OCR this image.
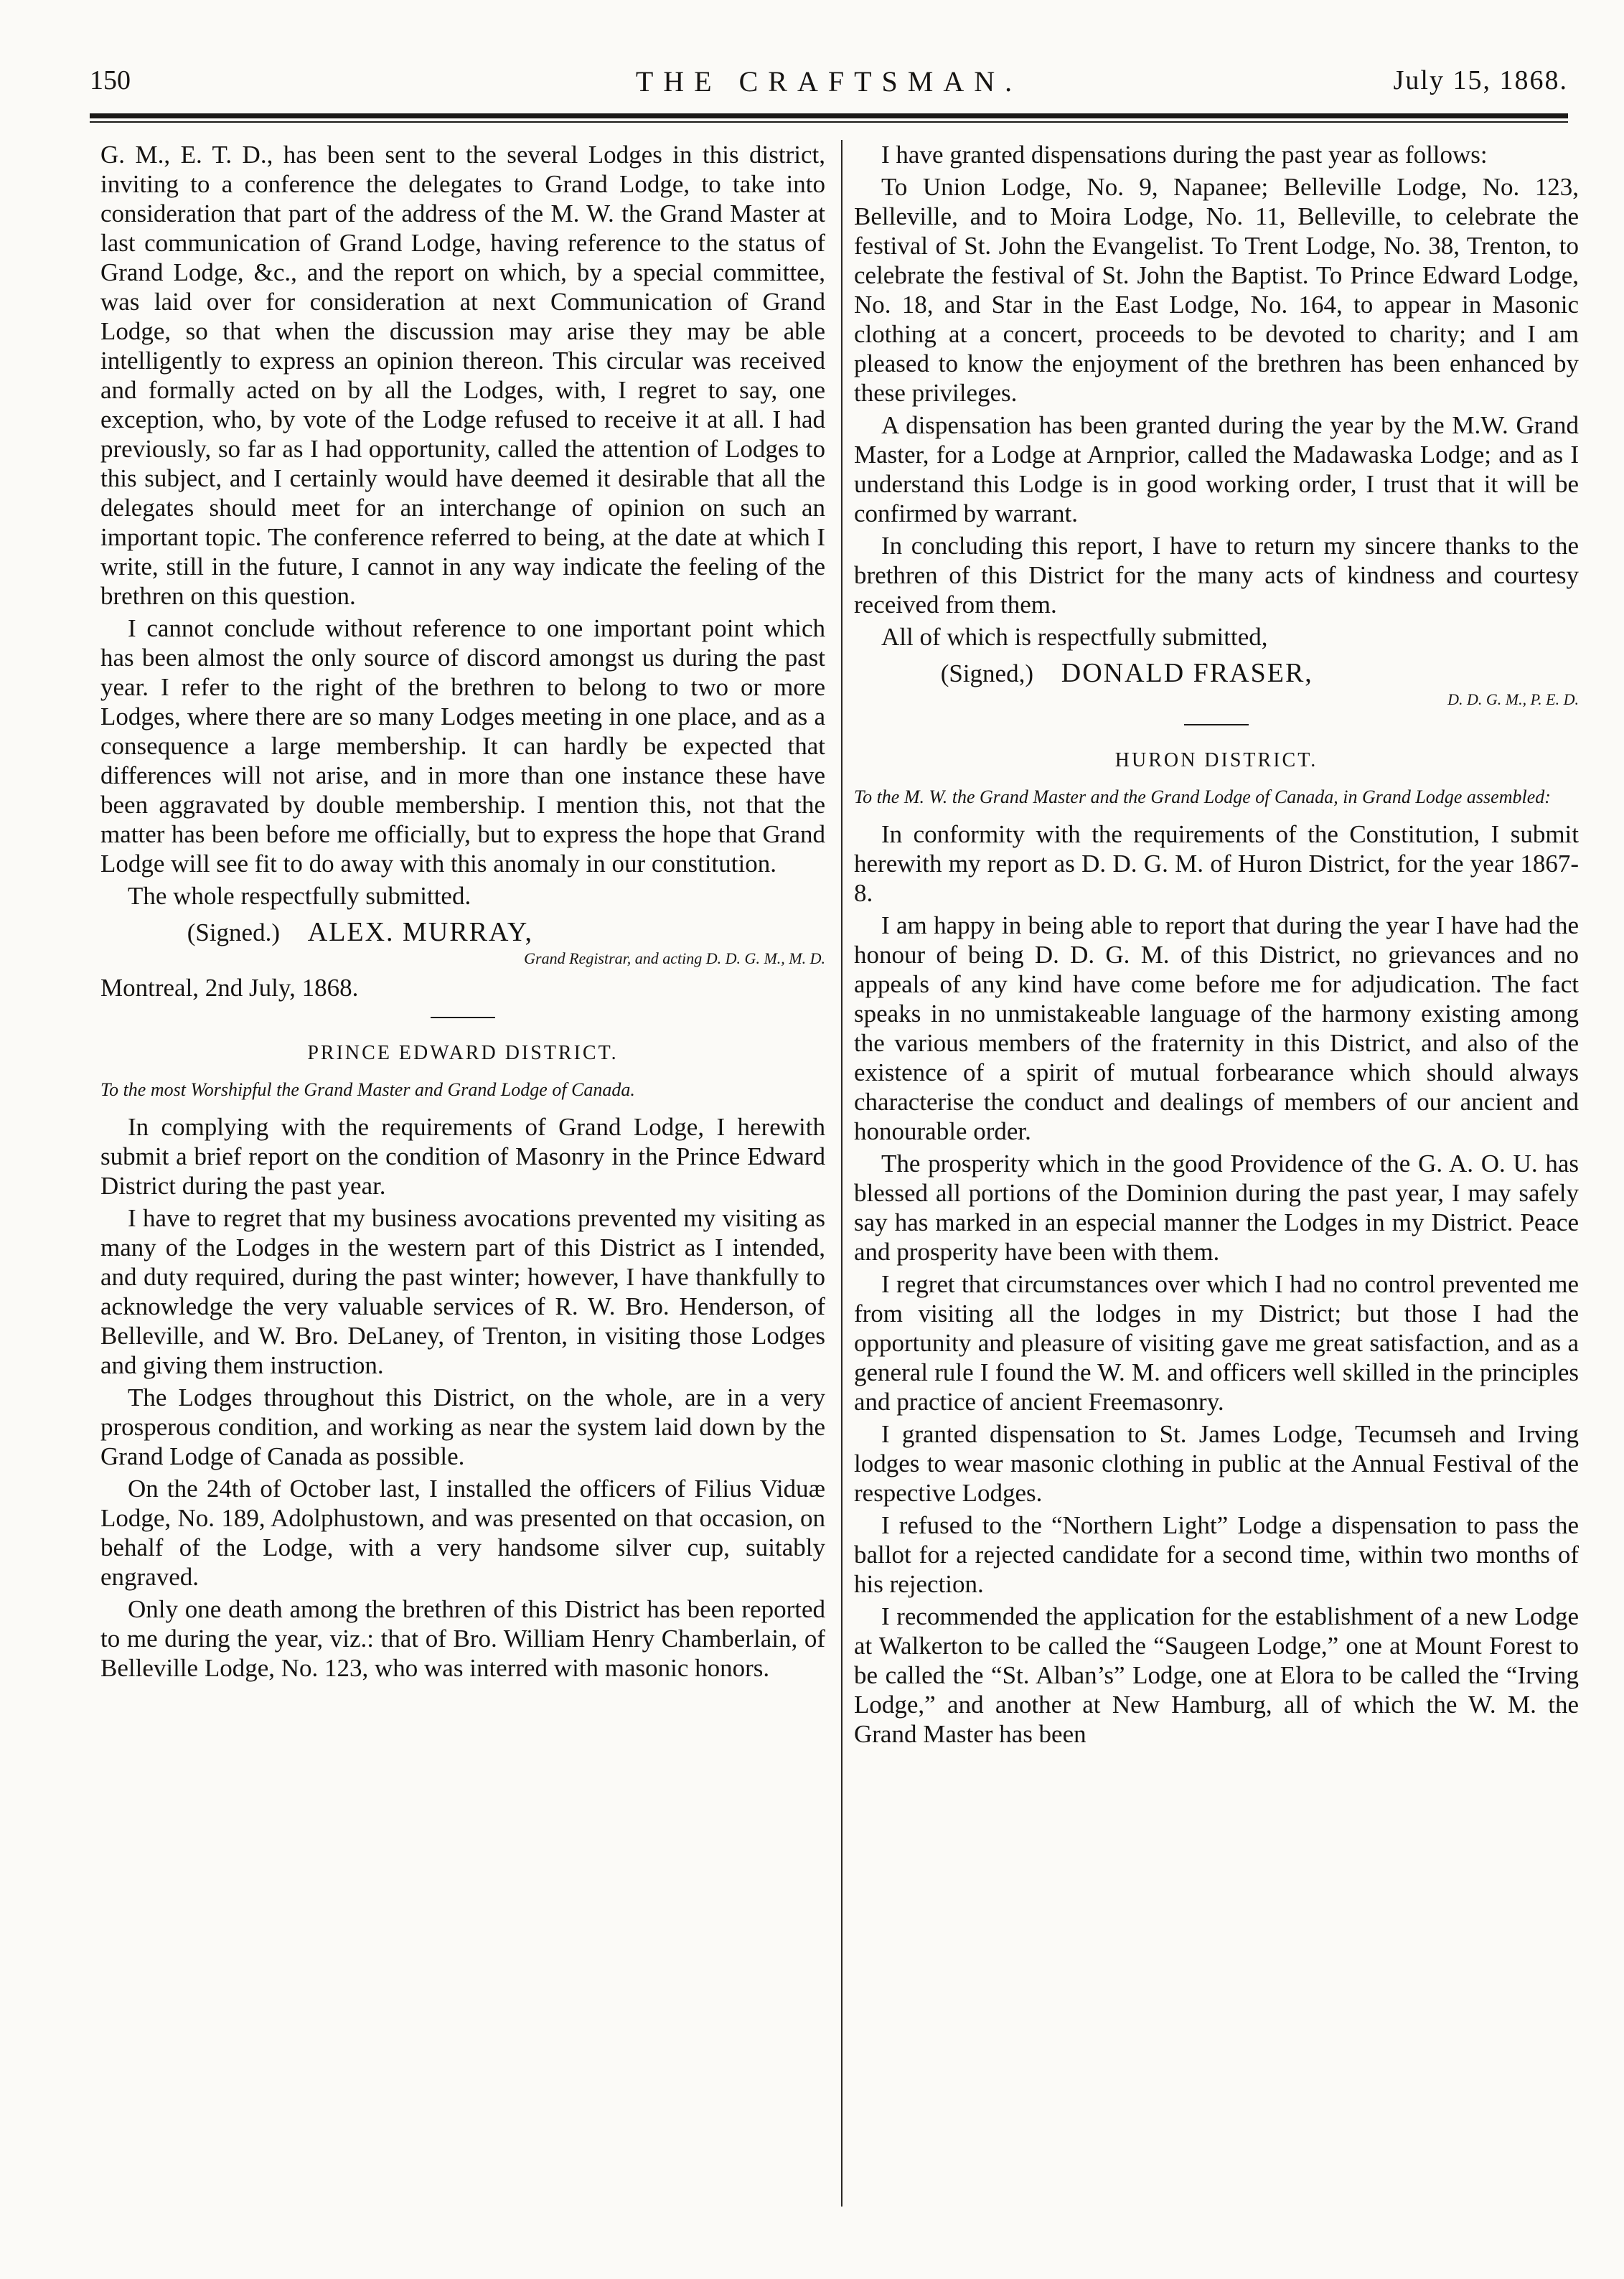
150	THE CRAFTSMAN.	July 15, 1868.

G. M., E. T. D., has been sent to the several Lodges in this district, inviting to a conference the delegates to Grand Lodge, to take into consideration that part of the address of the M. W. the Grand Master at last communication of Grand Lodge, having reference to the status of Grand Lodge, &c., and the report on which, by a special committee, was laid over for consideration at next Communication of Grand Lodge, so that when the discussion may arise they may be able intelligently to express an opinion thereon. This circular was received and formally acted on by all the Lodges, with, I regret to say, one exception, who, by vote of the Lodge refused to receive it at all. I had previously, so far as I had opportunity, called the attention of Lodges to this subject, and I certainly would have deemed it desirable that all the delegates should meet for an interchange of opinion on such an important topic. The conference referred to being, at the date at which I write, still in the future, I cannot in any way indicate the feeling of the brethren on this question.

I cannot conclude without reference to one important point which has been almost the only source of discord amongst us during the past year. I refer to the right of the brethren to belong to two or more Lodges, where there are so many Lodges meeting in one place, and as a consequence a large membership. It can hardly be expected that differences will not arise, and in more than one instance these have been aggravated by double membership. I mention this, not that the matter has been before me officially, but to express the hope that Grand Lodge will see fit to do away with this anomaly in our constitution.

The whole respectfully submitted.

(Signed.) ALEX. MURRAY,
Grand Registrar, and acting D. D. G. M., M. D.
Montreal, 2nd July, 1868.
PRINCE EDWARD DISTRICT.
To the most Worshipful the Grand Master and Grand Lodge of Canada.

In complying with the requirements of Grand Lodge, I herewith submit a brief report on the condition of Masonry in the Prince Edward District during the past year.

I have to regret that my business avocations prevented my visiting as many of the Lodges in the western part of this District as I intended, and duty required, during the past winter; however, I have thankfully to acknowledge the very valuable services of R. W. Bro. Henderson, of Belleville, and W. Bro. DeLaney, of Trenton, in visiting those Lodges and giving them instruction.

The Lodges throughout this District, on the whole, are in a very prosperous condition, and working as near the system laid down by the Grand Lodge of Canada as possible.

On the 24th of October last, I installed the officers of Filius Viduæ Lodge, No. 189, Adolphustown, and was presented on that occasion, on behalf of the Lodge, with a very handsome silver cup, suitably engraved.

Only one death among the brethren of this District has been reported to me during the year, viz.: that of Bro. William Henry Chamberlain, of Belleville Lodge, No. 123, who was interred with masonic honors.

I have granted dispensations during the past year as follows:

To Union Lodge, No. 9, Napanee; Belleville Lodge, No. 123, Belleville, and to Moira Lodge, No. 11, Belleville, to celebrate the festival of St. John the Evangelist. To Trent Lodge, No. 38, Trenton, to celebrate the festival of St. John the Baptist. To Prince Edward Lodge, No. 18, and Star in the East Lodge, No. 164, to appear in Masonic clothing at a concert, proceeds to be devoted to charity; and I am pleased to know the enjoyment of the brethren has been enhanced by these privileges.

A dispensation has been granted during the year by the M.W. Grand Master, for a Lodge at Arnprior, called the Madawaska Lodge; and as I understand this Lodge is in good working order, I trust that it will be confirmed by warrant.

In concluding this report, I have to return my sincere thanks to the brethren of this District for the many acts of kindness and courtesy received from them.

All of which is respectfully submitted,

(Signed,) DONALD FRASER,
D. D. G. M., P. E. D.
HURON DISTRICT.
To the M. W. the Grand Master and the Grand Lodge of Canada, in Grand Lodge assembled:

In conformity with the requirements of the Constitution, I submit herewith my report as D. D. G. M. of Huron District, for the year 1867-8.

I am happy in being able to report that during the year I have had the honour of being D. D. G. M. of this District, no grievances and no appeals of any kind have come before me for adjudication. The fact speaks in no unmistakeable language of the harmony existing among the various members of the fraternity in this District, and also of the existence of a spirit of mutual forbearance which should always characterise the conduct and dealings of members of our ancient and honourable order.

The prosperity which in the good Providence of the G. A. O. U. has blessed all portions of the Dominion during the past year, I may safely say has marked in an especial manner the Lodges in my District. Peace and prosperity have been with them.

I regret that circumstances over which I had no control prevented me from visiting all the lodges in my District; but those I had the opportunity and pleasure of visiting gave me great satisfaction, and as a general rule I found the W. M. and officers well skilled in the principles and practice of ancient Freemasonry.

I granted dispensation to St. James Lodge, Tecumseh and Irving lodges to wear masonic clothing in public at the Annual Festival of the respective Lodges.

I refused to the “Northern Light” Lodge a dispensation to pass the ballot for a rejected candidate for a second time, within two months of his rejection.

I recommended the application for the establishment of a new Lodge at Walkerton to be called the “Saugeen Lodge,” one at Mount Forest to be called the “St. Alban’s” Lodge, one at Elora to be called the “Irving Lodge,” and another at New Hamburg, all of which the W. M. the Grand Master has been
